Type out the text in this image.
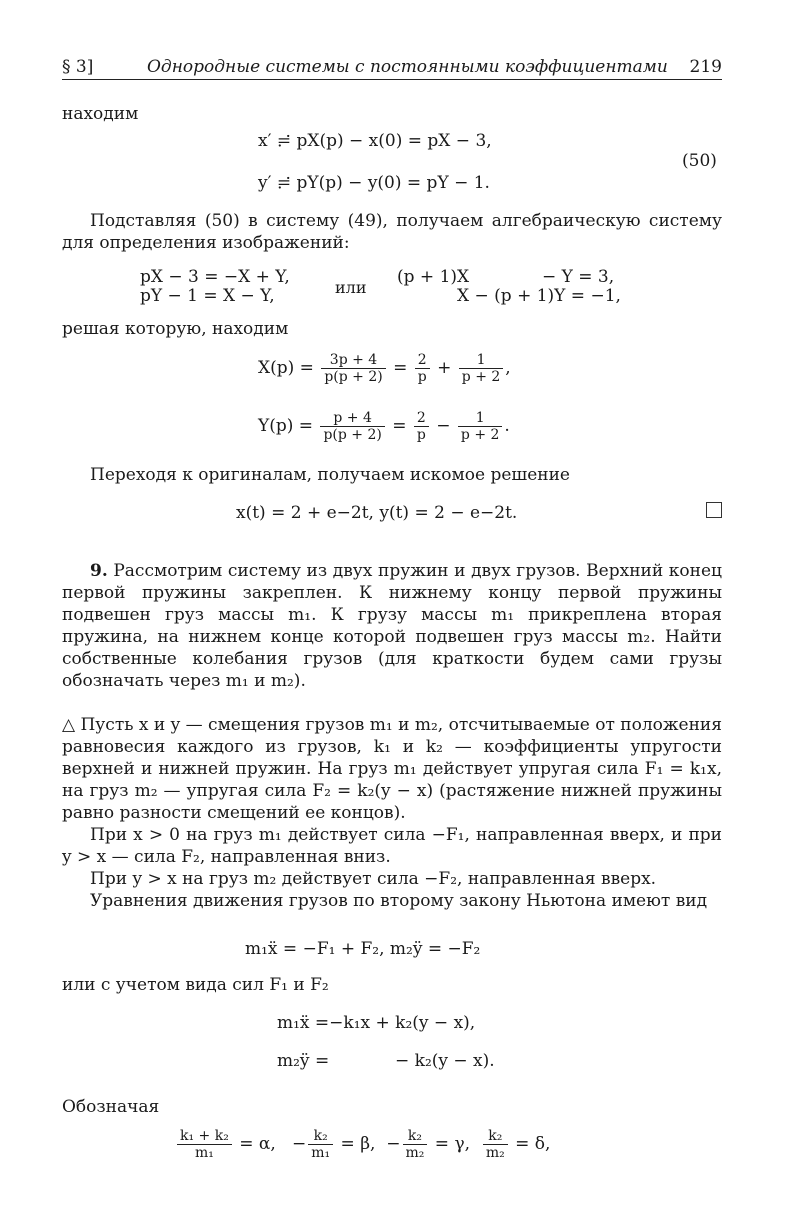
§ 3]	Однородные системы с постоянными коэффициентами 219
находим
x′ ≓ pX(p) − x(0) = pX − 3,
y′ ≓ pY(p) − y(0) = pY − 1.
(50)
Подставляя (50) в систему (49), получаем алгебраическую систему для определения изображений:
pX − 3 = −X + Y,
pY − 1 = X − Y,	или
(p + 1)X	− Y = 3,
X − (p + 1)Y = −1,
решая которую, находим
$X(p) = \frac{3p + 4}{p(p + 2)} = \frac{2}{p} + \frac{1}{p + 2}$ ,
$Y(p) = \frac{p + 4}{p(p + 2)} = \frac{2}{p} - \frac{1}{p + 2}$ .
Переходя к оригиналам, получаем искомое решение
x(t) = 2 + e−2t, y(t) = 2 − e−2t.
9. Рассмотрим систему из двух пружин и двух грузов. Верхний конец первой пружины закреплен. К нижнему концу первой пружины подвешен груз массы m₁. К грузу массы m₁ прикреплена вторая пружина, на нижнем конце которой подвешен груз массы m₂. Найти собственные колебания грузов (для краткости будем сами грузы обозначать через m₁ и m₂).
△ Пусть x и y — смещения грузов m₁ и m₂, отсчитываемые от положения равновесия каждого из грузов, k₁ и k₂ — коэффициенты упругости верхней и нижней пружин. На груз m₁ действует упругая сила F₁ = k₁x, на груз m₂ — упругая сила F₂ = k₂(y − x) (растяжение нижней пружины равно разности смещений ее концов).
При x > 0 на груз m₁ действует сила −F₁, направленная вверх, и при y > x — сила F₂, направленная вниз.
При y > x на груз m₂ действует сила −F₂, направленная вверх.
Уравнения движения грузов по второму закону Ньютона имеют вид
m₁ẍ = −F₁ + F₂, m₂ÿ = −F₂
или с учетом вида сил F₁ и F₂
m₁ẍ =−k₁x + k₂(y − x),
m₂ÿ =	− k₂(y − x).
Обозначая
$\frac{\text{k₁ + k₂}}{\text{m₁}} = \alpha$, − $\frac{\text{k₂}}{\text{m₁}} = \beta$, − $\frac{\text{k₂}}{\text{m₂}} = \gamma$, $\frac{\text{k₂}}{\text{m₂}} = \delta$,
